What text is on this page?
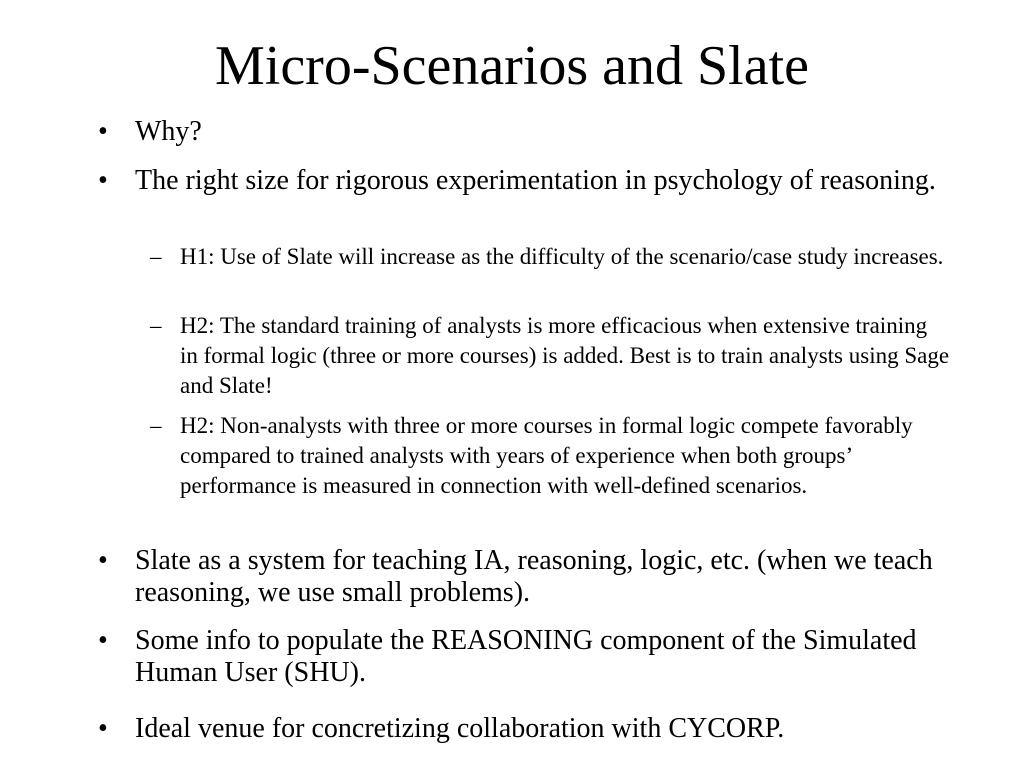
Micro-Scenarios and Slate
• Why?
• The right size for rigorous experimentation in psychology of reasoning.
– H1: Use of Slate will increase as the difficulty of the scenario/case study increases.
– H2: The standard training of analysts is more efficacious when extensive training in formal logic (three or more courses) is added. Best is to train analysts using Sage and Slate!
– H2: Non-analysts with three or more courses in formal logic compete favorably compared to trained analysts with years of experience when both groups’ performance is measured in connection with well-defined scenarios.
• Slate as a system for teaching IA, reasoning, logic, etc. (when we teach reasoning, we use small problems).
• Some info to populate the REASONING component of the Simulated Human User (SHU).
• Ideal venue for concretizing collaboration with CYCORP.
